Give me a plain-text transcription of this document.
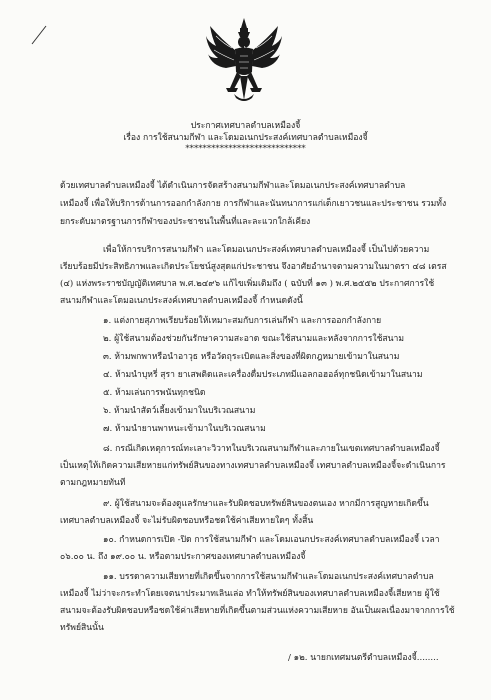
ประกาศเทศบาลตำบลเหมืองจี้
เรื่อง การใช้สนามกีฬา และโดมอเนกประสงค์เทศบาลตำบลเหมืองจี้
****************************
ด้วยเทศบาลตำบลเหมืองจี้ ได้ดำเนินการจัดสร้างสนามกีฬาและโดมอเนกประสงค์เทศบาลตำบล
เหมืองจี้ เพื่อให้บริการด้านการออกกำลังกาย การกีฬาและนันทนาการแก่เด็กเยาวชนและประชาชน รวมทั้ง
ยกระดับมาตรฐานการกีฬาของประชาชนในพื้นที่และละแวกใกล้เคียง
เพื่อให้การบริการสนามกีฬา และโดมอเนกประสงค์เทศบาลตำบลเหมืองจี้ เป็นไปด้วยความ
เรียบร้อยมีประสิทธิภาพและเกิดประโยชน์สูงสุดแก่ประชาชน จึงอาศัยอำนาจตามความในมาตรา ๔๘ เตรส
(๔) แห่งพระราชบัญญัติเทศบาล พ.ศ.๒๔๙๖ แก้ไขเพิ่มเติมถึง ( ฉบับที่ ๑๓ ) พ.ศ.๒๕๕๒ ประกาศการใช้
สนามกีฬาและโดมอเนกประสงค์เทศบาลตำบลเหมืองจี้ กำหนดดังนี้
๑. แต่งกายสุภาพเรียบร้อยให้เหมาะสมกับการเล่นกีฬา และการออกกำลังกาย
๒. ผู้ใช้สนามต้องช่วยกันรักษาความสะอาด ขณะใช้สนามและหลังจากการใช้สนาม
๓. ห้ามพกพาหรือนำอาวุธ หรือวัตถุระเบิดและสิ่งของที่ผิดกฎหมายเข้ามาในสนาม
๔. ห้ามนำบุหรี่ สุรา ยาเสพติดและเครื่องดื่มประเภทมีแอลกอฮอล์ทุกชนิดเข้ามาในสนาม
๕. ห้ามเล่นการพนันทุกชนิด
๖. ห้ามนำสัตว์เลี้ยงเข้ามาในบริเวณสนาม
๗. ห้ามนำยานพาหนะเข้ามาในบริเวณสนาม
๘. กรณีเกิดเหตุการณ์ทะเลาะวิวาทในบริเวณสนามกีฬาและภายในเขตเทศบาลตำบลเหมืองจี้
เป็นเหตุให้เกิดความเสียหายแก่ทรัพย์สินของทางเทศบาลตำบลเหมืองจี้ เทศบาลตำบลเหมืองจี้จะดำเนินการ
ตามกฎหมายทันที
๙. ผู้ใช้สนามจะต้องดูแลรักษาและรับผิดชอบทรัพย์สินของตนเอง หากมีการสูญหายเกิดขึ้น
เทศบาลตำบลเหมืองจี้ จะไม่รับผิดชอบหรือชดใช้ค่าเสียหายใดๆ ทั้งสิ้น
๑๐. กำหนดการเปิด -ปิด การใช้สนามกีฬา และโดมเอนกประสงค์เทศบาลตำบลเหมืองจี้ เวลา
๐๖.๐๐ น. ถึง ๑๙.๐๐ น. หรือตามประกาศของเทศบาลตำบลเหมืองจี้
๑๑. บรรดาความเสียหายที่เกิดขึ้นจากการใช้สนามกีฬาและโดมอเนกประสงค์เทศบาลตำบล
เหมืองจี้ ไม่ว่าจะกระทำโดยเจตนาประมาทเลินเล่อ ทำให้ทรัพย์สินของเทศบาลตำบลเหมืองจี้เสียหาย ผู้ใช้
สนามจะต้องรับผิดชอบหรือชดใช้ค่าเสียหายที่เกิดขึ้นตามส่วนแห่งความเสียหาย อันเป็นผลเนื่องมาจากการใช้
ทรัพย์สินนั้น
/ ๑๒. นายกเทศมนตรีตำบลเหมืองจี้........
